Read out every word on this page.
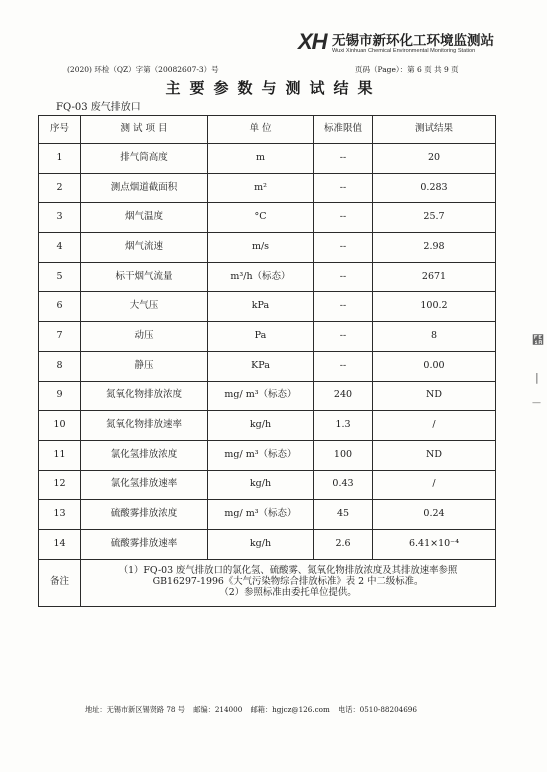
XH 无锡市新环化工环境监测站
Wuxi Xinhuan Chemical Environmental Monitoring Station
(2020) 环检（QZ）字第（20082607-3）号	页码（Page）：第 6 页 共 9 页
主要参数与测试结果
FQ-03 废气排放口
序号	测 试 项 目	单 位	标准限值	测试结果
1	排气筒高度	m	--	20
2	测点烟道截面积	m²	--	0.283
3	烟气温度	°C	--	25.7
4	烟气流速	m/s	--	2.98
5	标干烟气流量	m³/h（标态）	--	2671
6	大气压	kPa	--	100.2
7	动压	Pa	--	8
8	静压	KPa	--	0.00
9	氮氧化物排放浓度	mg/ m³（标态）	240	ND
10	氮氧化物排放速率	kg/h	1.3	/
11	氯化氢排放浓度	mg/ m³（标态）	100	ND
12	氯化氢排放速率	kg/h	0.43	/
13	硫酸雾排放浓度	mg/ m³（标态）	45	0.24
14	硫酸雾排放速率	kg/h	2.6	6.41×10⁻⁴
备注	（1）FQ-03 废气排放口的氯化氢、硫酸雾、氮氧化物排放浓度及其排放速率参照
GB16297-1996《大气污染物综合排放标准》表 2 中二级标准。
（2）参照标准由委托单位提供。			
地址：无锡市新区锡贤路 78 号 邮编：214000 邮箱：hgjcz@126.com 电话：0510-88204696
︚
|
—
